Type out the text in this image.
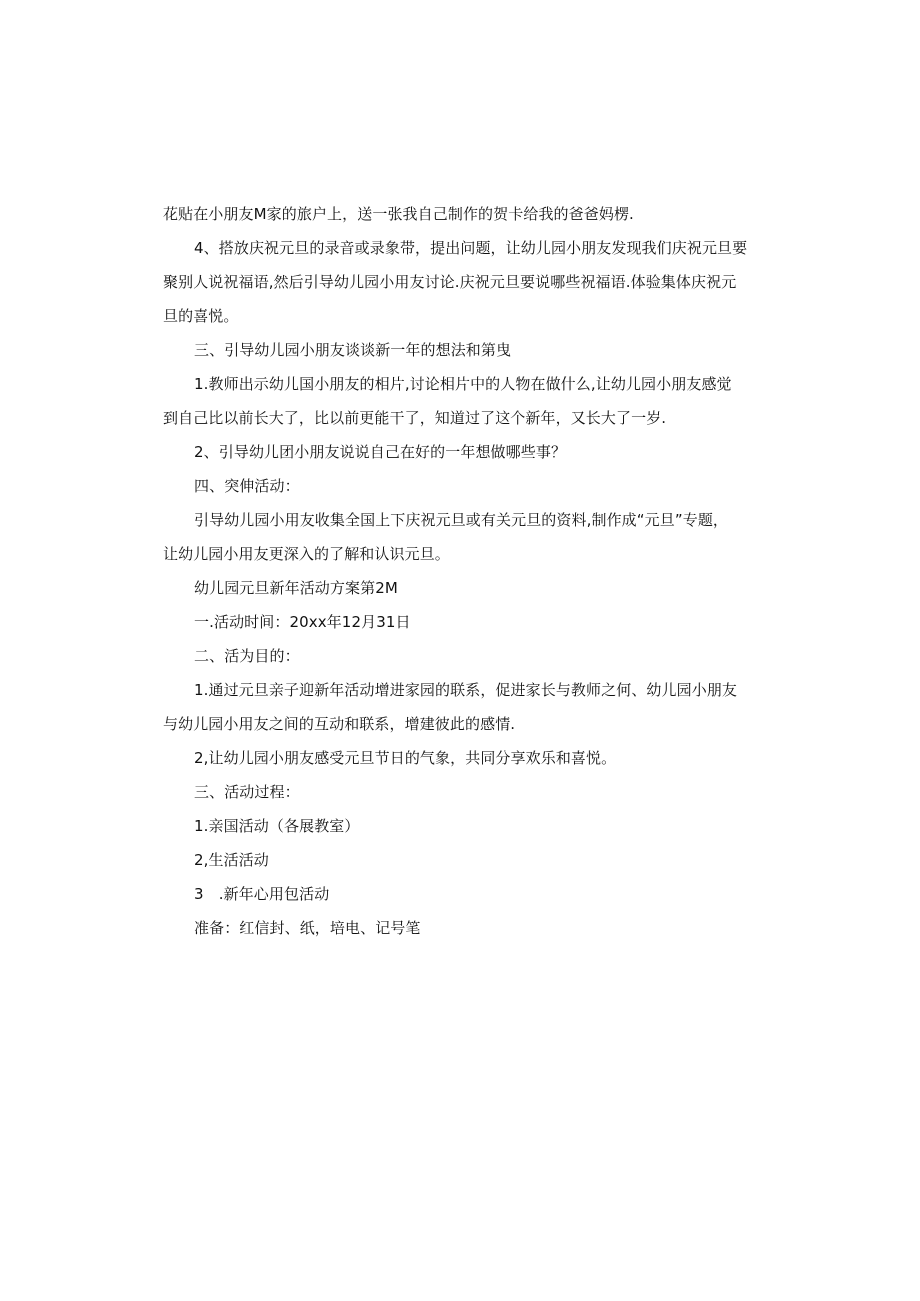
花贴在小朋友M家的旅户上，送一张我自己制作的贺卡给我的爸爸妈楞.
4、搭放庆祝元旦的录音或录象带，提出问题，让幼儿园小朋友发现我们庆祝元旦要
聚别人说祝福语,然后引导幼儿园小用友讨论.庆祝元旦要说哪些祝福语.体验集体庆祝元
旦的喜悦。
三、引导幼儿园小朋友谈谈新一年的想法和第曳
1.教师出示幼儿国小朋友的相片,讨论相片中的人物在做什么,让幼儿园小朋友感觉
到自己比以前长大了，比以前更能干了，知道过了这个新年，又长大了一岁.
2、引导幼儿团小朋友说说自己在好的一年想做哪些事？
四、突伸活动：
引导幼儿园小用友收集全国上下庆祝元旦或有关元旦的资料,制作成“元旦”专题，
让幼儿园小用友更深入的了解和认识元旦。
幼儿园元旦新年活动方案第2M
一.活动时间：20xx年12月31日
二、活为目的：
1.通过元旦亲子迎新年活动增进家园的联系，促进家长与教师之何、幼儿园小朋友
与幼儿园小用友之间的互动和联系，增建彼此的感情.
2,让幼儿园小朋友感受元旦节日的气象，共同分享欢乐和喜悦。
三、活动过程：
1.亲国活动（各展教室）
2,生活活动
3　.新年心用包活动
准备：红信封、纸，培电、记号笔
